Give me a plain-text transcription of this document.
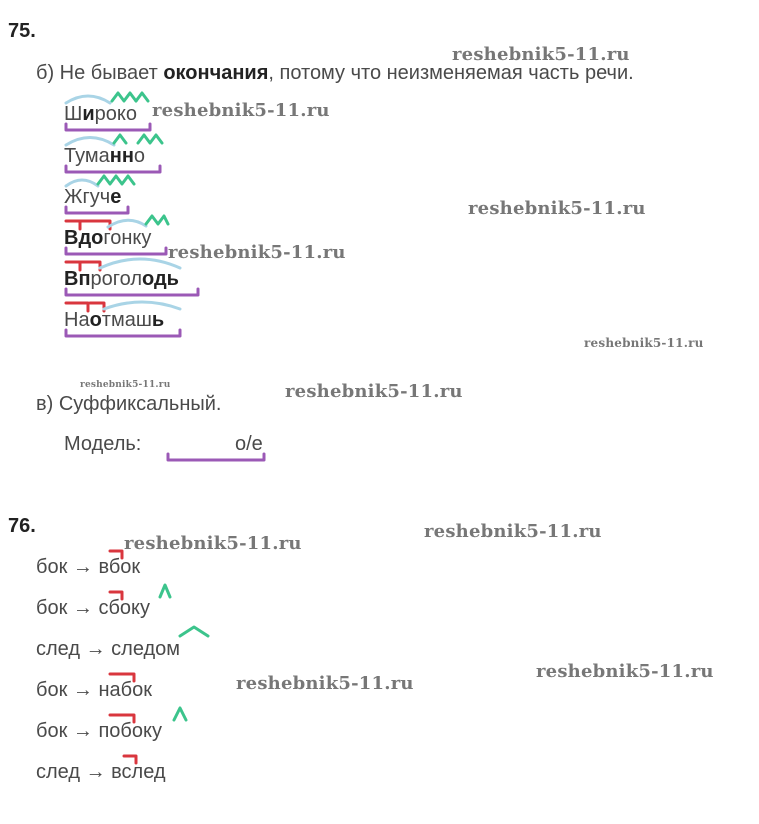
75.
б) Не бывает окончания, потому что неизменяемая часть речи.
Широко
Туманно
Жгуче
Вдогонку
Впроголодь
Наотмашь
в) Суффиксальный.
Модель:	о/е
76.
бок → вбок
бок → сбоку
след → следом
бок → набок
бок → побоку
след → вслед
reshebnik5-11.ru
reshebnik5-11.ru
reshebnik5-11.ru
reshebnik5-11.ru
reshebnik5-11.ru
reshebnik5-11.ru	reshebnik5-11.ru
reshebnik5-11.ru
reshebnik5-11.ru
reshebnik5-11.ru
reshebnik5-11.ru
